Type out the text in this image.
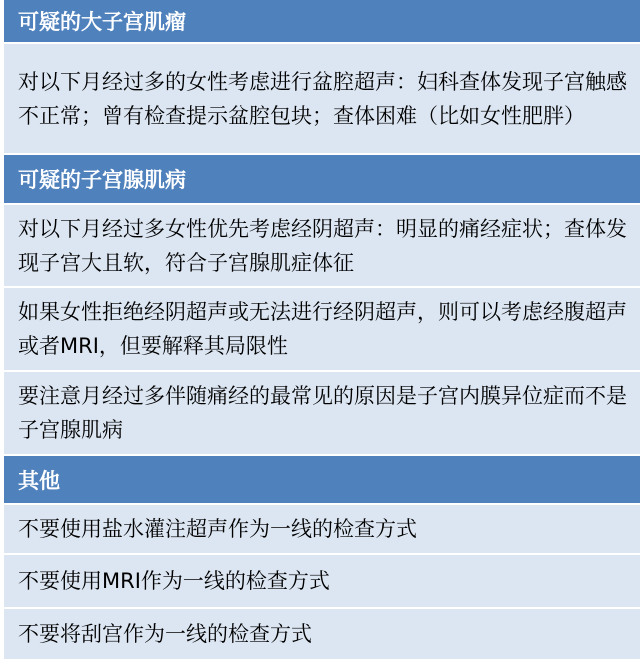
可疑的大子宫肌瘤
对以下月经过多的女性考虑进行盆腔超声：妇科查体发现子宫触感不正常；曾有检查提示盆腔包块；查体困难（比如女性肥胖）
可疑的子宫腺肌病
对以下月经过多女性优先考虑经阴超声：明显的痛经症状；查体发现子宫大且软，符合子宫腺肌症体征
如果女性拒绝经阴超声或无法进行经阴超声，则可以考虑经腹超声或者MRI，但要解释其局限性
要注意月经过多伴随痛经的最常见的原因是子宫内膜异位症而不是子宫腺肌病
其他
不要使用盐水灌注超声作为一线的检查方式
不要使用MRI作为一线的检查方式
不要将刮宫作为一线的检查方式
